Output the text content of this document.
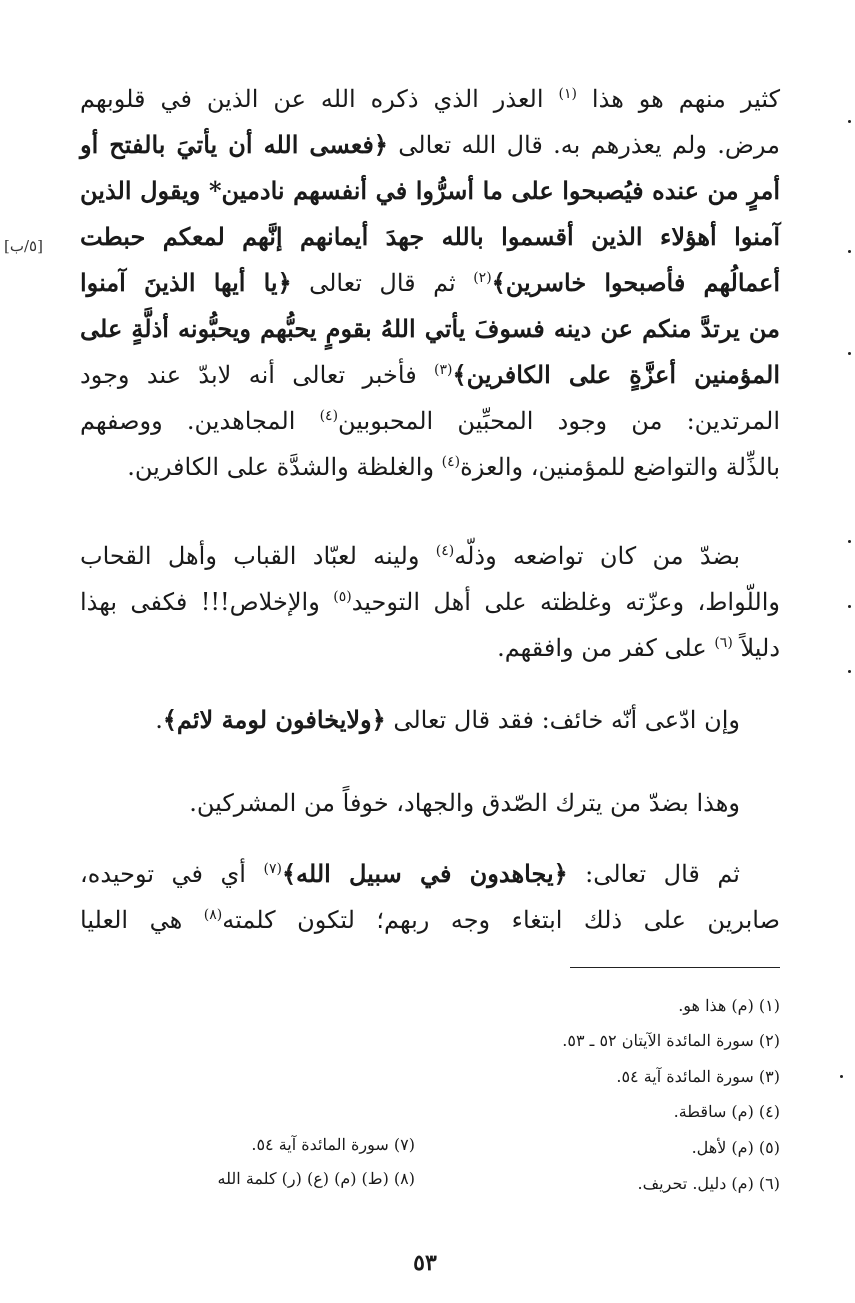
كثير منهم هو هذا $^{(١)}$ العذر الذي ذكره الله عن الذين في قلوبهم
مرض. ولم يعذرهم به. قال الله تعالى ﴿فعسى الله أن يأتيَ بالفتح أو
أمرٍ من عنده فيُصبحوا على ما أسرُّوا في أنفسهم نادمين* ويقول الذين
آمنوا أهؤلاء الذين أقسموا بالله جهدَ أيمانهم إنَّهم لمعكم حبطت
أعمالُهم فأصبحوا خاسرين﴾$^{(٢)}$ ثم قال تعالى ﴿يا أيها الذينَ آمنوا
من يرتدَّ منكم عن دينه فسوفَ يأتي اللهُ بقومٍ يحبُّهم ويحبُّونه أذلَّةٍ على
المؤمنين أعزَّةٍ على الكافرين﴾$^{(٣)}$ فأخبر تعالى أنه لابدّ عند وجود
المرتدين: من وجود المحبِّين المحبوبين$^{(٤)}$ المجاهدين. ووصفهم
بالذِّلة والتواضع للمؤمنين، والعزة$^{(٤)}$ والغلظة والشدَّة على الكافرين.
بضدّ من كان تواضعه وذلّه$^{(٤)}$ ولينه لعبّاد القباب وأهل القحاب
واللّواط، وعزّته وغلظته على أهل التوحيد$^{(٥)}$ والإخلاص!!! فكفى بهذا
دليلاً $^{(٦)}$ على كفر من وافقهم.
وإن ادّعى أنّه خائف: فقد قال تعالى ﴿ولايخافون لومة لائم﴾.
وهذا بضدّ من يترك الصّدق والجهاد، خوفاً من المشركين.
ثم قال تعالى: ﴿يجاهدون في سبيل الله﴾$^{(٧)}$ أي في توحيده،
صابرين على ذلك ابتغاء وجه ربهم؛ لتكون كلمته$^{(٨)}$ هي العليا
[٥/ب]
(١) (م) هذا هو.
(٢) سورة المائدة الآيتان ٥٢ ـ ٥٣.
(٣) سورة المائدة آية ٥٤.
(٤) (م) ساقطة.
(٥) (م) لأهل.
(٦) (م) دليل. تحريف.
(٧) سورة المائدة آية ٥٤.
(٨) (ط) (م) (ع) (ر) كلمة الله
٥٣
